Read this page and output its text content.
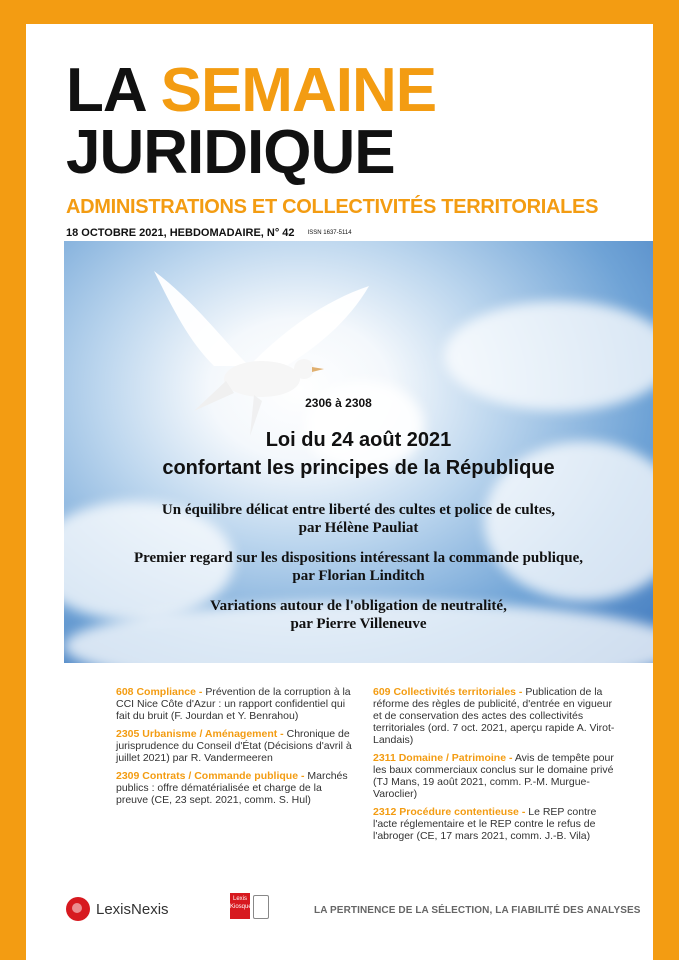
LA SEMAINE
JURIDIQUE
ADMINISTRATIONS ET COLLECTIVITÉS TERRITORIALES
18 OCTOBRE 2021, HEBDOMADAIRE, N° 42 ISSN 1637-5114
2306 à 2308
Loi du 24 août 2021
confortant les principes de la République
Un équilibre délicat entre liberté des cultes et police de cultes,
par Hélène Pauliat
Premier regard sur les dispositions intéressant la commande publique,
par Florian Linditch
Variations autour de l'obligation de neutralité,
par Pierre Villeneuve
608 Compliance - Prévention de la corruption à la CCI Nice Côte d'Azur : un rapport confidentiel qui fait du bruit (F. Jourdan et Y. Benrahou)
2305 Urbanisme / Aménagement - Chronique de jurisprudence du Conseil d'État (Décisions d'avril à juillet 2021) par R. Vandermeeren
2309 Contrats / Commande publique - Marchés publics : offre dématérialisée et charge de la preuve (CE, 23 sept. 2021, comm. S. Hul)
609 Collectivités territoriales - Publication de la réforme des règles de publicité, d'entrée en vigueur et de conservation des actes des collectivités territoriales (ord. 7 oct. 2021, aperçu rapide A. Virot-Landais)
2311 Domaine / Patrimoine - Avis de tempête pour les baux commerciaux conclus sur le domaine privé (TJ Mans, 19 août 2021, comm. P.-M. Murgue-Varoclier)
2312 Procédure contentieuse - Le REP contre l'acte réglementaire et le REP contre le refus de l'abroger (CE, 17 mars 2021, comm. J.-B. Vila)
LexisNexis
Lexis
Kiosque	LA PERTINENCE DE LA SÉLECTION, LA FIABILITÉ DES ANALYSES
